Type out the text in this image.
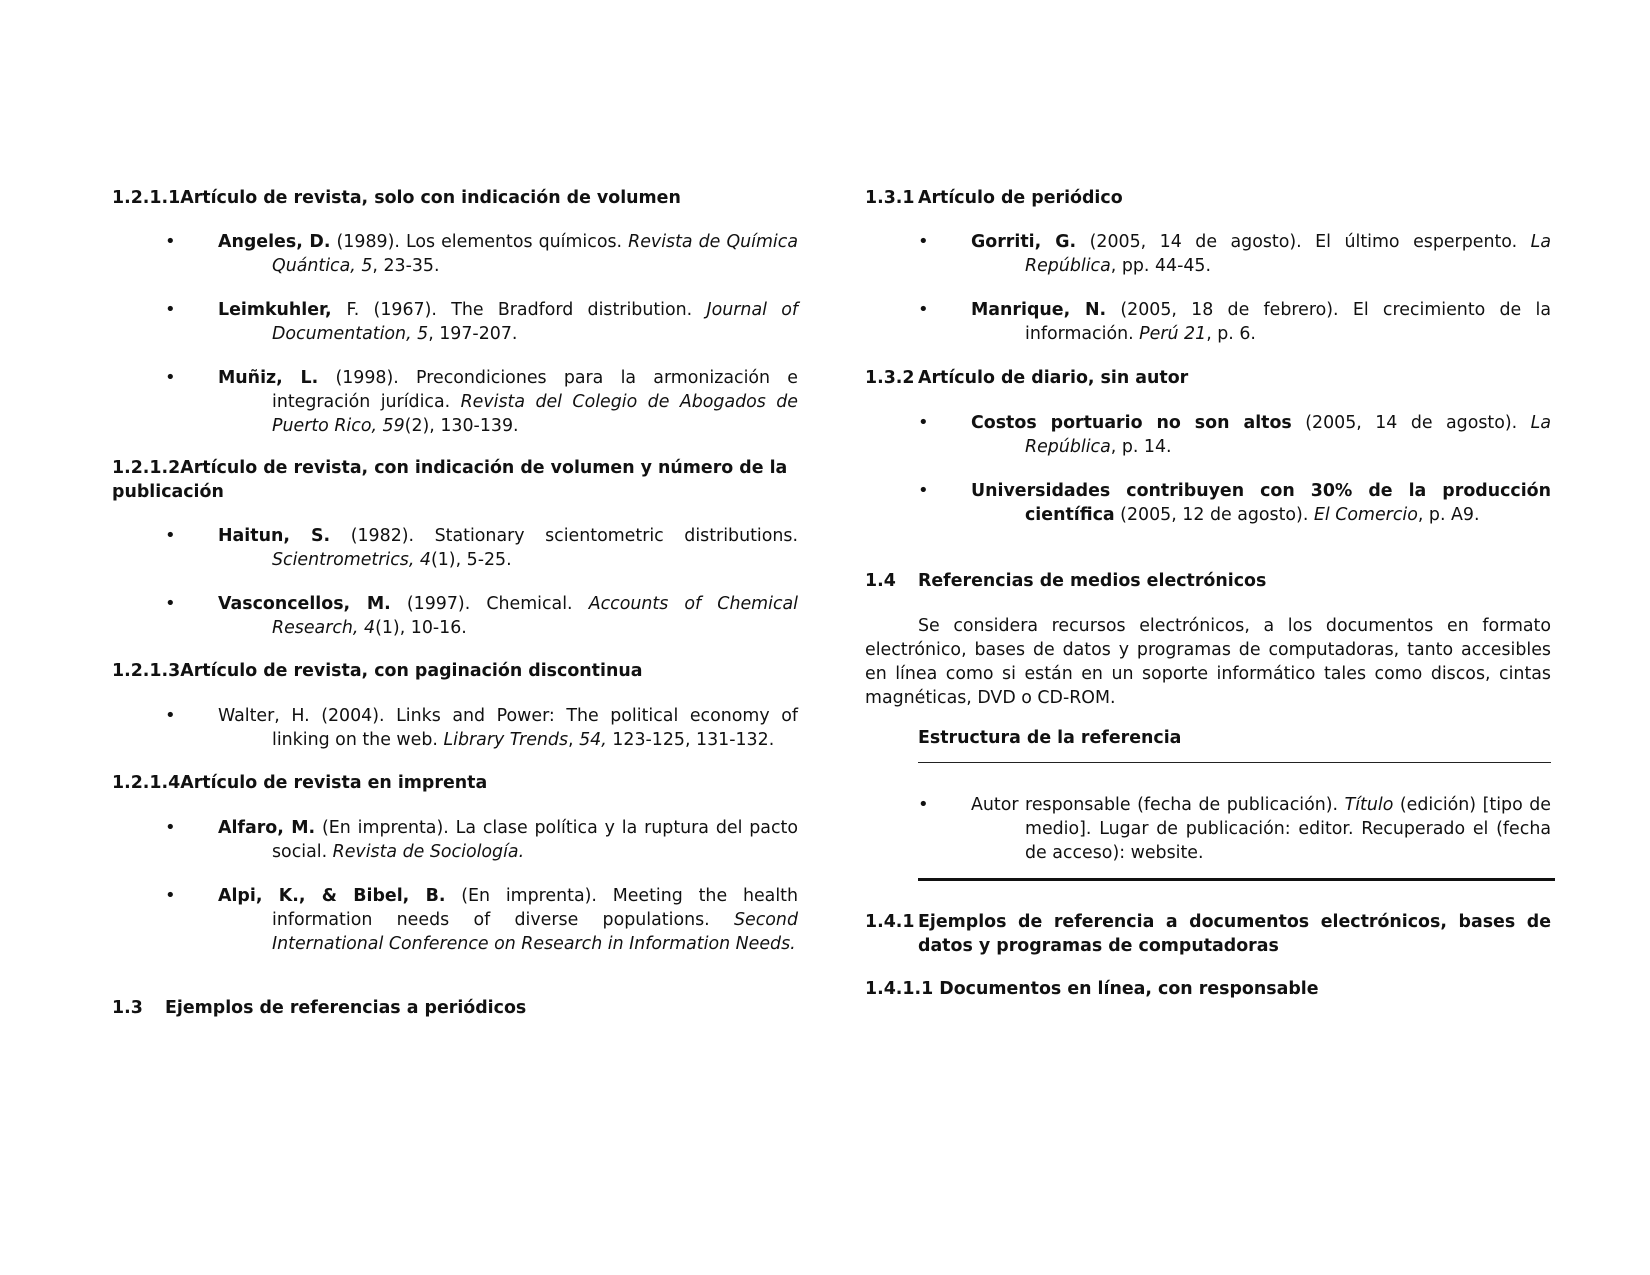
1.2.1.1Artículo de revista, solo con indicación de volumen
• Angeles, D. (1989). Los elementos químicos. Revista de Química Quántica, 5, 23-35.
• Leimkuhler, F. (1967). The Bradford distribution. Journal of Documentation, 5, 197-207.
• Muñiz, L. (1998). Precondiciones para la armonización e integración jurídica. Revista del Colegio de Abogados de Puerto Rico, 59(2), 130-139.
1.2.1.2Artículo de revista, con indicación de volumen y número de la publicación
• Haitun, S. (1982). Stationary scientometric distributions. Scientrometrics, 4(1), 5-25.
• Vasconcellos, M. (1997). Chemical. Accounts of Chemical Research, 4(1), 10-16.
1.2.1.3Artículo de revista, con paginación discontinua
• Walter, H. (2004). Links and Power: The political economy of linking on the web. Library Trends, 54, 123-125, 131-132.
1.2.1.4Artículo de revista en imprenta
• Alfaro, M. (En imprenta). La clase política y la ruptura del pacto social. Revista de Sociología.
• Alpi, K., & Bibel, B. (En imprenta). Meeting the health information needs of diverse populations. Second International Conference on Research in Information Needs.
1.3 Ejemplos de referencias a periódicos
1.3.1 Artículo de periódico
• Gorriti, G. (2005, 14 de agosto). El último esperpento. La República, pp. 44-45.
• Manrique, N. (2005, 18 de febrero). El crecimiento de la información. Perú 21, p. 6.
1.3.2 Artículo de diario, sin autor
• Costos portuario no son altos (2005, 14 de agosto). La República, p. 14.
• Universidades contribuyen con 30% de la producción científica (2005, 12 de agosto). El Comercio, p. A9.
1.4 Referencias de medios electrónicos

Se considera recursos electrónicos, a los documentos en formato electrónico, bases de datos y programas de computadoras, tanto accesibles en línea como si están en un soporte informático tales como discos, cintas magnéticas, DVD o CD-ROM.

Estructura de la referencia
• Autor responsable (fecha de publicación). Título (edición) [tipo de medio]. Lugar de publicación: editor. Recuperado el (fecha de acceso): website.
1.4.1 Ejemplos de referencia a documentos electrónicos, bases de datos y programas de computadoras
1.4.1.1 Documentos en línea, con responsable
